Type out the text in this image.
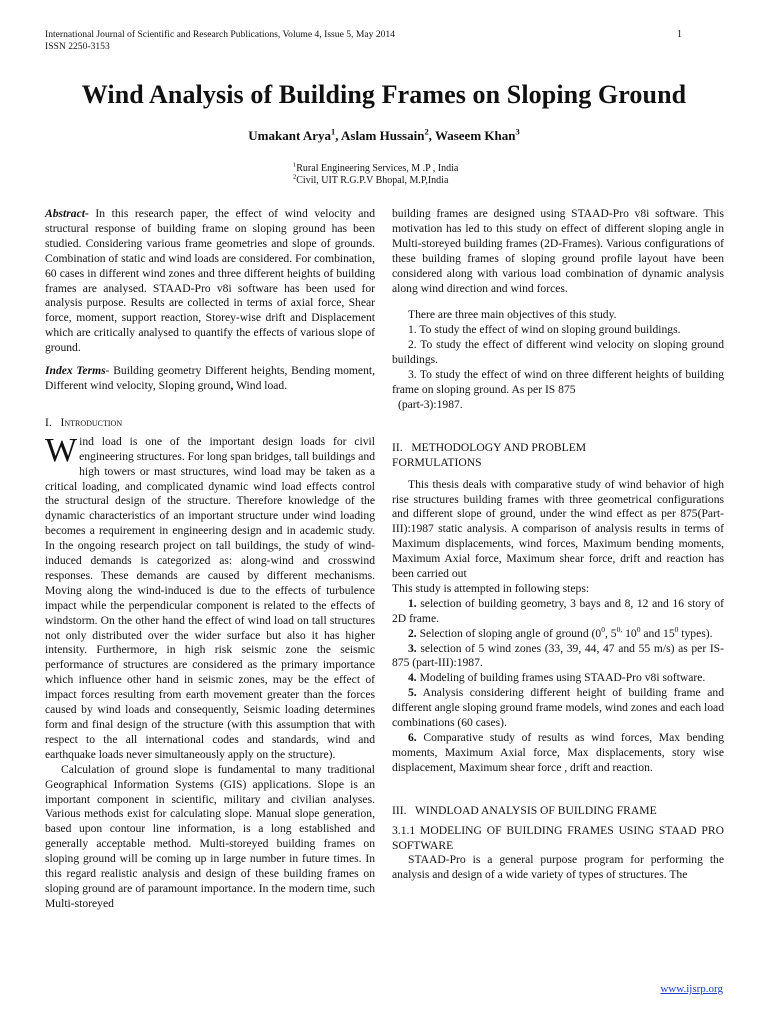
International Journal of Scientific and Research Publications, Volume 4, Issue 5, May 2014
ISSN 2250-3153
1
Wind Analysis of Building Frames on Sloping Ground
Umakant Arya$^1$, Aslam Hussain$^2$, Waseem Khan$^3$
$^1$Rural Engineering Services, M .P , India
$^2$Civil, UIT R.G.P.V Bhopal, M.P,India

Abstract- In this research paper, the effect of wind velocity and structural response of building frame on sloping ground has been studied. Considering various frame geometries and slope of grounds. Combination of static and wind loads are considered. For combination, 60 cases in different wind zones and three different heights of building frames are analysed. STAAD-Pro v8i software has been used for analysis purpose. Results are collected in terms of axial force, Shear force, moment, support reaction, Storey-wise drift and Displacement which are critically analysed to quantify the effects of various slope of ground.

Index Terms- Building geometry Different heights, Bending moment, Different wind velocity, Sloping ground, Wind load.

I. Introduction

Wind load is one of the important design loads for civil engineering structures. For long span bridges, tall buildings and high towers or mast structures, wind load may be taken as a critical loading, and complicated dynamic wind load effects control the structural design of the structure. Therefore knowledge of the dynamic characteristics of an important structure under wind loading becomes a requirement in engineering design and in academic study. In the ongoing research project on tall buildings, the study of wind-induced demands is categorized as: along-wind and crosswind responses. These demands are caused by different mechanisms. Moving along the wind-induced is due to the effects of turbulence impact while the perpendicular component is related to the effects of windstorm. On the other hand the effect of wind load on tall structures not only distributed over the wider surface but also it has higher intensity. Furthermore, in high risk seismic zone the seismic performance of structures are considered as the primary importance which influence other hand in seismic zones, may be the effect of impact forces resulting from earth movement greater than the forces caused by wind loads and consequently, Seismic loading determines form and final design of the structure (with this assumption that with respect to the all international codes and standards, wind and earthquake loads never simultaneously apply on the structure).

Calculation of ground slope is fundamental to many traditional Geographical Information Systems (GIS) applications. Slope is an important component in scientific, military and civilian analyses. Various methods exist for calculating slope. Manual slope generation, based upon contour line information, is a long established and generally acceptable method. Multi-storeyed building frames on sloping ground will be coming up in large number in future times. In this regard realistic analysis and design of these building frames on sloping ground are of paramount importance. In the modern time, such Multi-storeyed

building frames are designed using STAAD-Pro v8i software. This motivation has led to this study on effect of different sloping angle in Multi-storeyed building frames (2D-Frames). Various configurations of these building frames of sloping ground profile layout have been considered along with various load combination of dynamic analysis along wind direction and wind forces.

There are three main objectives of this study.

1. To study the effect of wind on sloping ground buildings.

2. To study the effect of different wind velocity on sloping ground buildings.

3. To study the effect of wind on three different heights of building frame on sloping ground. As per IS 875

(part-3):1987.

II. METHODOLOGY AND PROBLEM

FORMULATIONS

This thesis deals with comparative study of wind behavior of high rise structures building frames with three geometrical configurations and different slope of ground, under the wind effect as per 875(Part-III):1987 static analysis. A comparison of analysis results in terms of Maximum displacements, wind forces, Maximum bending moments, Maximum Axial force, Maximum shear force, drift and reaction has been carried out

This study is attempted in following steps:

1. selection of building geometry, 3 bays and 8, 12 and 16 story of 2D frame.

2. Selection of sloping angle of ground ($0^0$, $5^{0,}$ $10^0$ and $15^0$ types).

3. selection of 5 wind zones (33, 39, 44, 47 and 55 m/s) as per IS- 875 (part-III):1987.

4. Modeling of building frames using STAAD-Pro v8i software.

5. Analysis considering different height of building frame and different angle sloping ground frame models, wind zones and each load combinations (60 cases).

6. Comparative study of results as wind forces, Max bending moments, Maximum Axial force, Max displacements, story wise displacement, Maximum shear force , drift and reaction.

III. WINDLOAD ANALYSIS OF BUILDING FRAME

3.1.1 MODELING OF BUILDING FRAMES USING STAAD PRO SOFTWARE

STAAD-Pro is a general purpose program for performing the analysis and design of a wide variety of types of structures. The

www.ijsrp.org
